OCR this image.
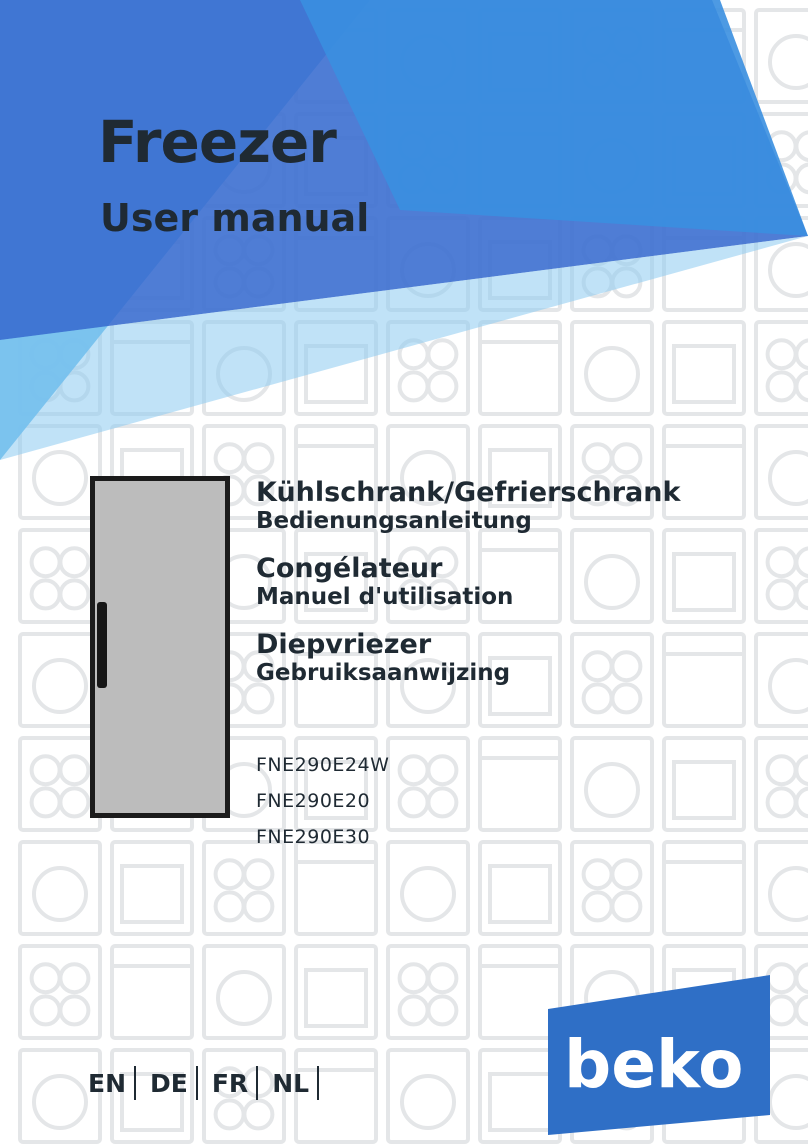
Freezer
User manual
Kühlschrank/Gefrierschrank
Bedienungsanleitung
Congélateur
Manuel d'utilisation
Diepvriezer
Gebruiksaanwijzing
FNE290E24W
FNE290E20
FNE290E30
EN DE FR NL	beko
